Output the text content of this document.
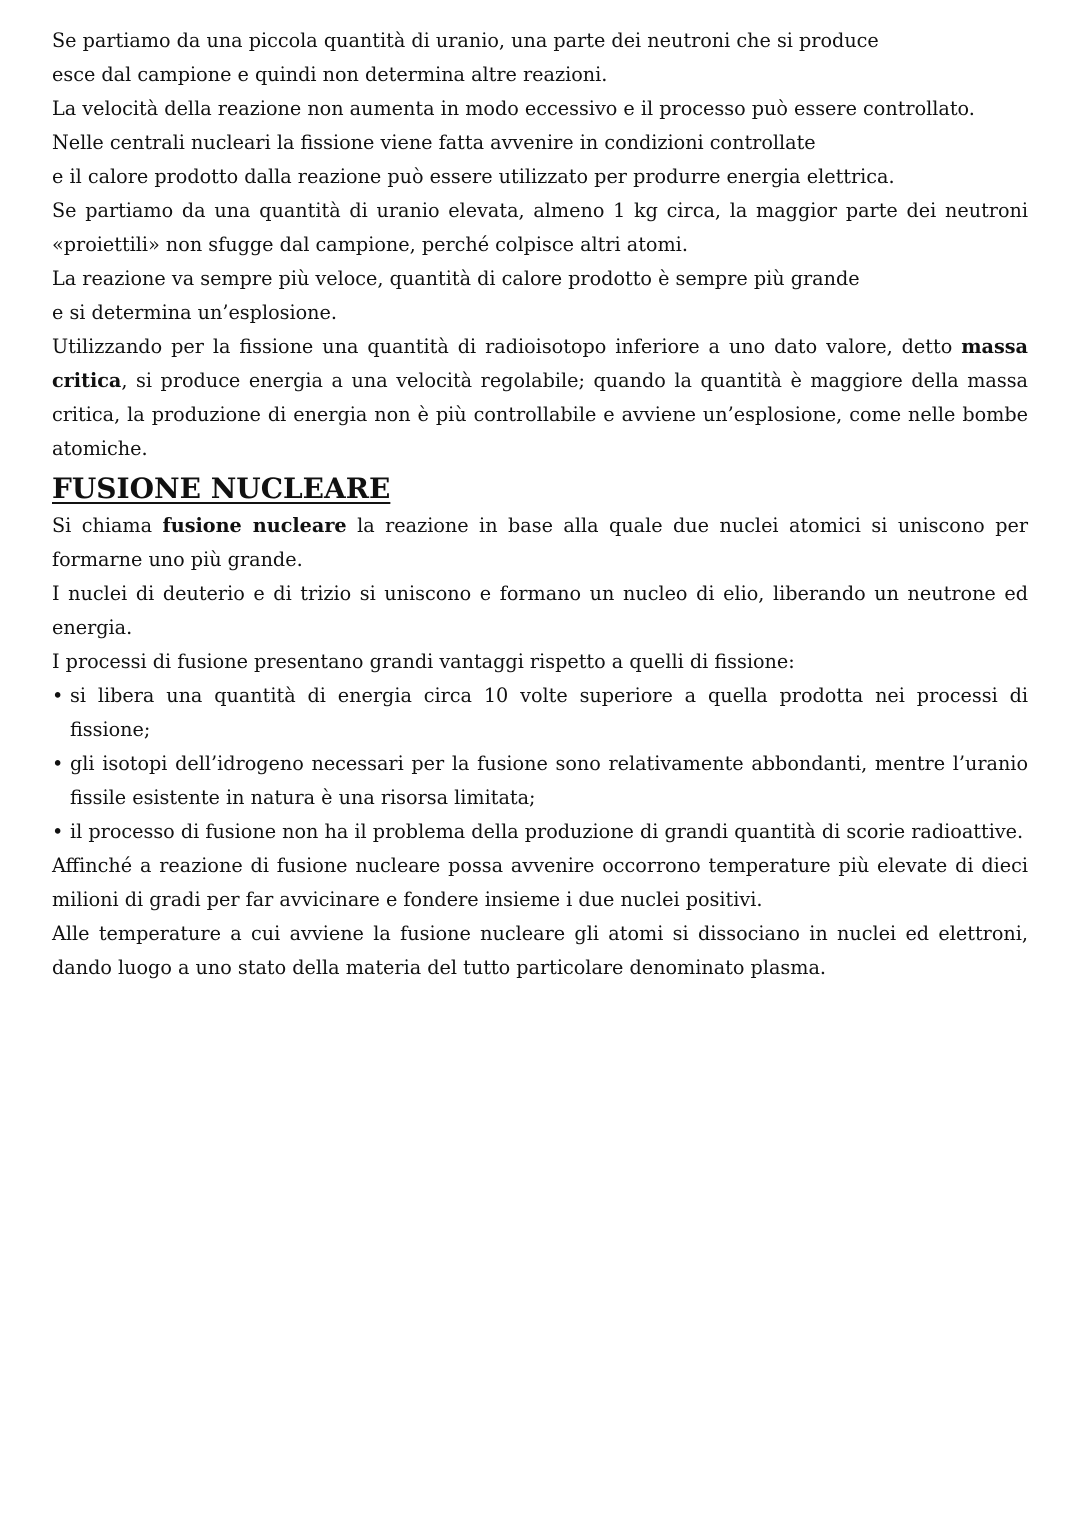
Se partiamo da una piccola quantità di uranio, una parte dei neutroni che si produce
esce dal campione e quindi non determina altre reazioni.
La velocità della reazione non aumenta in modo eccessivo e il processo può essere controllato.
Nelle centrali nucleari la fissione viene fatta avvenire in condizioni controllate
e il calore prodotto dalla reazione può essere utilizzato per produrre energia elettrica.

Se partiamo da una quantità di uranio elevata, almeno 1 kg circa, la maggior parte dei neutroni «proiettili» non sfugge dal campione, perché colpisce altri atomi.

La reazione va sempre più veloce, quantità di calore prodotto è sempre più grande
e si determina un’esplosione.

Utilizzando per la fissione una quantità di radioisotopo inferiore a uno dato valore, detto massa critica, si produce energia a una velocità regolabile; quando la quantità è maggiore della massa critica, la produzione di energia non è più controllabile e avviene un’esplosione, come nelle bombe atomiche.

FUSIONE NUCLEARE

Si chiama fusione nucleare la reazione in base alla quale due nuclei atomici si uniscono per formarne uno più grande.

I nuclei di deuterio e di trizio si uniscono e formano un nucleo di elio, liberando un neutrone ed energia.

I processi di fusione presentano grandi vantaggi rispetto a quelli di fissione:
• si libera una quantità di energia circa 10 volte superiore a quella prodotta nei processi di fissione;
• gli isotopi dell’idrogeno necessari per la fusione sono relativamente abbondanti, mentre l’uranio fissile esistente in natura è una risorsa limitata;
• il processo di fusione non ha il problema della produzione di grandi quantità di scorie radioattive.

Affinché a reazione di fusione nucleare possa avvenire occorrono temperature più elevate di dieci milioni di gradi per far avvicinare e fondere insieme i due nuclei positivi.

Alle temperature a cui avviene la fusione nucleare gli atomi si dissociano in nuclei ed elettroni, dando luogo a uno stato della materia del tutto particolare denominato plasma.
